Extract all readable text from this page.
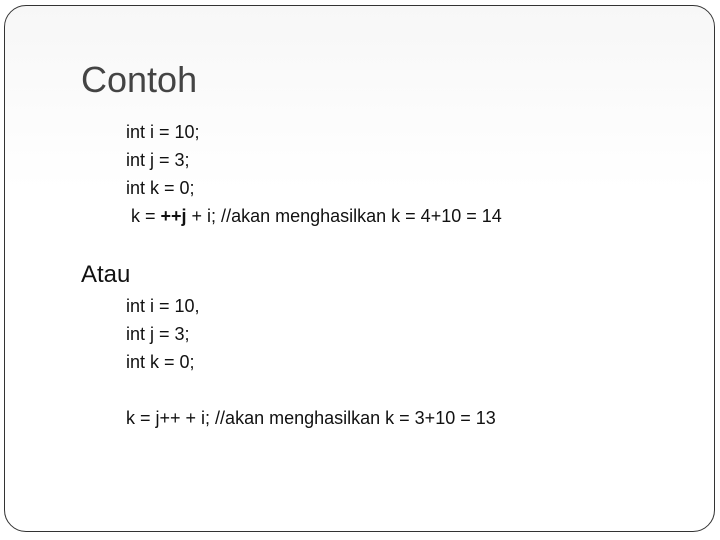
Contoh
int i = 10;
int j = 3;
int k = 0;
k = ++j + i; //akan menghasilkan k = 4+10 = 14
Atau
int i = 10,
int j = 3;
int k = 0;
k = j++ + i; //akan menghasilkan k = 3+10 = 13
